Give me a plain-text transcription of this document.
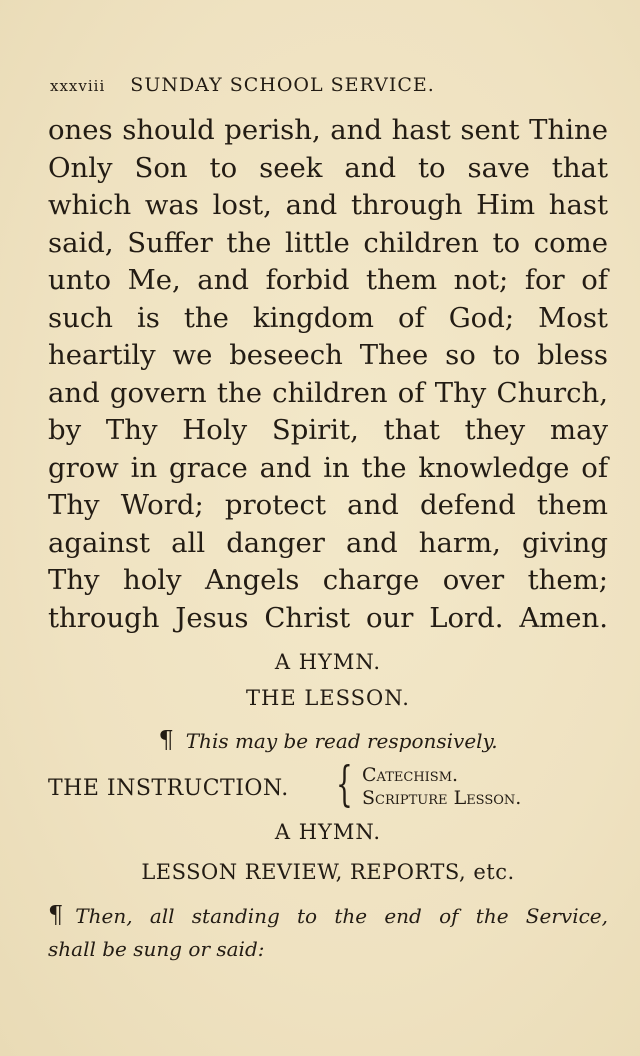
xxxviii SUNDAY SCHOOL SERVICE.
ones should perish, and hast sent Thine
Only Son to seek and to save that
which was lost, and through Him hast
said, Suffer the little children to come
unto Me, and forbid them not; for of
such is the kingdom of God; Most
heartily we beseech Thee so to bless
and govern the children of Thy Church,
by Thy Holy Spirit, that they may
grow in grace and in the knowledge of
Thy Word; protect and defend them
against all danger and harm, giving
Thy holy Angels charge over them;
through Jesus Christ our Lord. Amen.
A HYMN.
THE LESSON.
¶ This may be read responsively.
THE INSTRUCTION. { Catechism.
Scripture Lesson.
A HYMN.
LESSON REVIEW, REPORTS, etc.
¶ Then, all standing to the end of the Service,
shall be sung or said:
